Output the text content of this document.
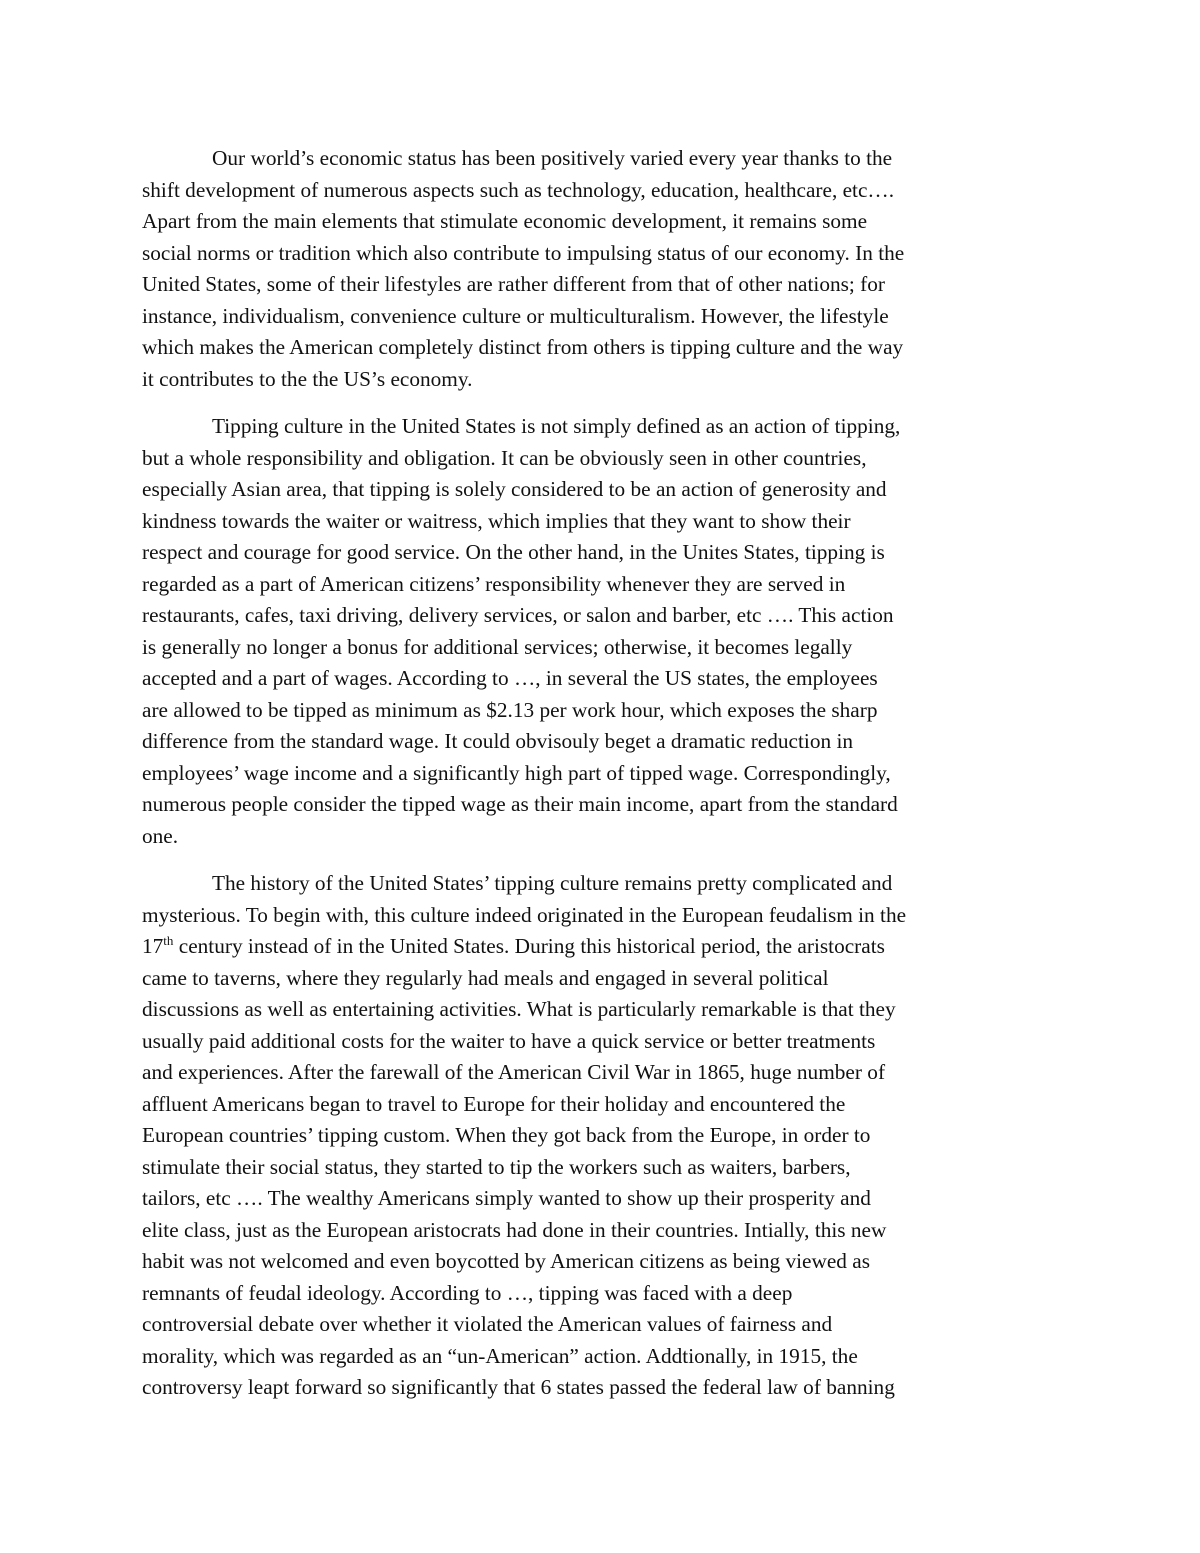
Our world’s economic status has been positively varied every year thanks to the
shift development of numerous aspects such as technology, education, healthcare, etc….
Apart from the main elements that stimulate economic development, it remains some
social norms or tradition which also contribute to impulsing status of our economy. In the
United States, some of their lifestyles are rather different from that of other nations; for
instance, individualism, convenience culture or multiculturalism. However, the lifestyle
which makes the American completely distinct from others is tipping culture and the way
it contributes to the the US’s economy.
Tipping culture in the United States is not simply defined as an action of tipping,
but a whole responsibility and obligation. It can be obviously seen in other countries,
especially Asian area, that tipping is solely considered to be an action of generosity and
kindness towards the waiter or waitress, which implies that they want to show their
respect and courage for good service. On the other hand, in the Unites States, tipping is
regarded as a part of American citizens’ responsibility whenever they are served in
restaurants, cafes, taxi driving, delivery services, or salon and barber, etc …. This action
is generally no longer a bonus for additional services; otherwise, it becomes legally
accepted and a part of wages. According to …, in several the US states, the employees
are allowed to be tipped as minimum as $2.13 per work hour, which exposes the sharp
difference from the standard wage. It could obvisouly beget a dramatic reduction in
employees’ wage income and a significantly high part of tipped wage. Correspondingly,
numerous people consider the tipped wage as their main income, apart from the standard
one.
The history of the United States’ tipping culture remains pretty complicated and
mysterious. To begin with, this culture indeed originated in the European feudalism in the
17th century instead of in the United States. During this historical period, the aristocrats
came to taverns, where they regularly had meals and engaged in several political
discussions as well as entertaining activities. What is particularly remarkable is that they
usually paid additional costs for the waiter to have a quick service or better treatments
and experiences. After the farewall of the American Civil War in 1865, huge number of
affluent Americans began to travel to Europe for their holiday and encountered the
European countries’ tipping custom. When they got back from the Europe, in order to
stimulate their social status, they started to tip the workers such as waiters, barbers,
tailors, etc …. The wealthy Americans simply wanted to show up their prosperity and
elite class, just as the European aristocrats had done in their countries. Intially, this new
habit was not welcomed and even boycotted by American citizens as being viewed as
remnants of feudal ideology. According to …, tipping was faced with a deep
controversial debate over whether it violated the American values of fairness and
morality, which was regarded as an “un-American” action. Addtionally, in 1915, the
controversy leapt forward so significantly that 6 states passed the federal law of banning
